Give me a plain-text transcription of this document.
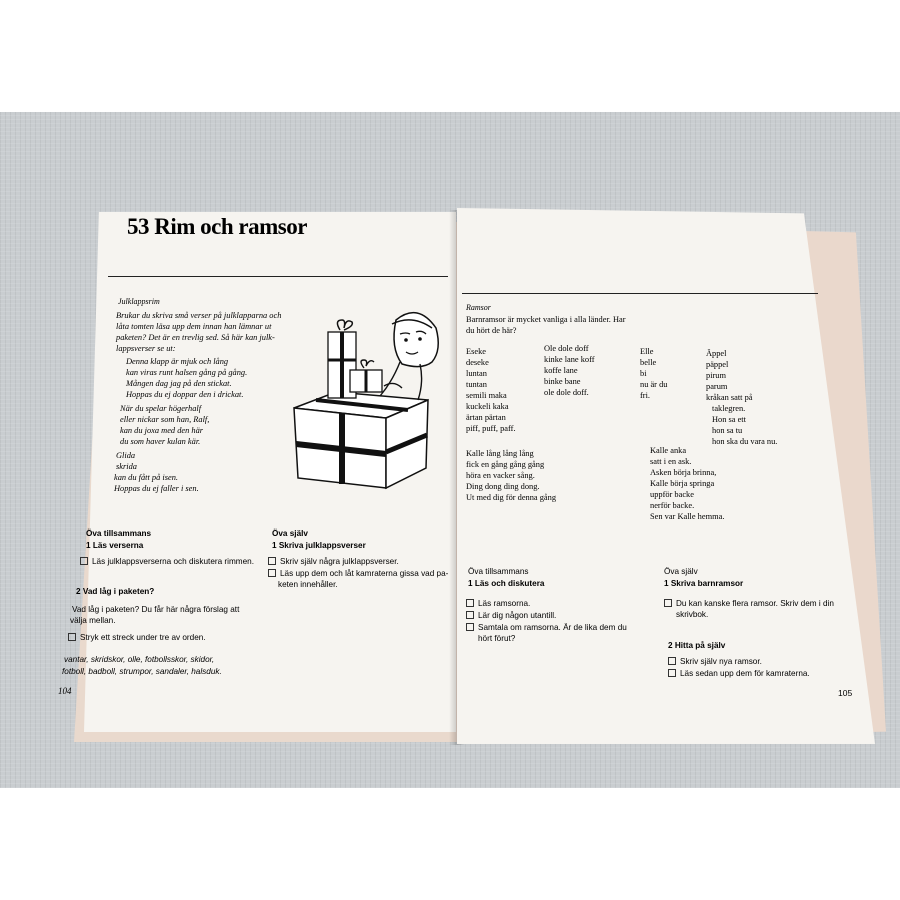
53 Rim och ramsor
Julklappsrim
Brukar du skriva små verser på julklapparna och
låta tomten läsa upp dem innan han lämnar ut
paketen? Det är en trevlig sed. Så här kan julk-
lappsverser se ut:
Denna klapp är mjuk och lång
kan viras runt halsen gång på gång.
Mången dag jag på den stickat.
Hoppas du ej doppar den i drickat.
När du spelar högerhalf
eller nickar som han, Ralf,
kan du joxa med den här
du som haver kulan kär.
Glida
skrida
kan du fått på isen.
Hoppas du ej faller i sen.
Öva tillsammans
1 Läs verserna
Läs julklappsverserna och diskutera rimmen.
2 Vad låg i paketen?
Vad låg i paketen? Du får här några förslag att
välja mellan.
Stryk ett streck under tre av orden.
vantar, skridskor, olle, fotbollsskor, skidor,
fotboll, badboll, strumpor, sandaler, halsduk.
Öva själv
1 Skriva julklappsverser
Skriv själv några julklappsverser.
Läs upp dem och låt kamraterna gissa vad pa-
keten innehåller.
104
Ramsor
Barnramsor är mycket vanliga i alla länder. Har
du hört de här?
Eseke
deseke
luntan
tuntan
semili maka
kuckeli kaka
ärtan pärtan
piff, puff, paff.
Ole dole doff
kinke lane koff
koffe lane
binke bane
ole dole doff.
Elle
belle
bi
nu är du
fri.
Äppel
päppel
pirum
parum
kråkan satt på
taklegren.
Hon sa ett
hon sa tu
hon ska du vara nu.
Kalle lång lång lång
fick en gång gång gång
höra en vacker sång.
Ding dong ding dong.
Ut med dig för denna gång
Kalle anka
satt i en ask.
Asken börja brinna,
Kalle börja springa
uppför backe
nerför backe.
Sen var Kalle hemma.
Öva tillsammans
1 Läs och diskutera
Läs ramsorna.
Lär dig någon utantill.
Samtala om ramsorna. Är de lika dem du
hört förut?
Öva själv
1 Skriva barnramsor
Du kan kanske flera ramsor. Skriv dem i din
skrivbok.
2 Hitta på själv
Skriv själv nya ramsor.
Läs sedan upp dem för kamraterna.
105
